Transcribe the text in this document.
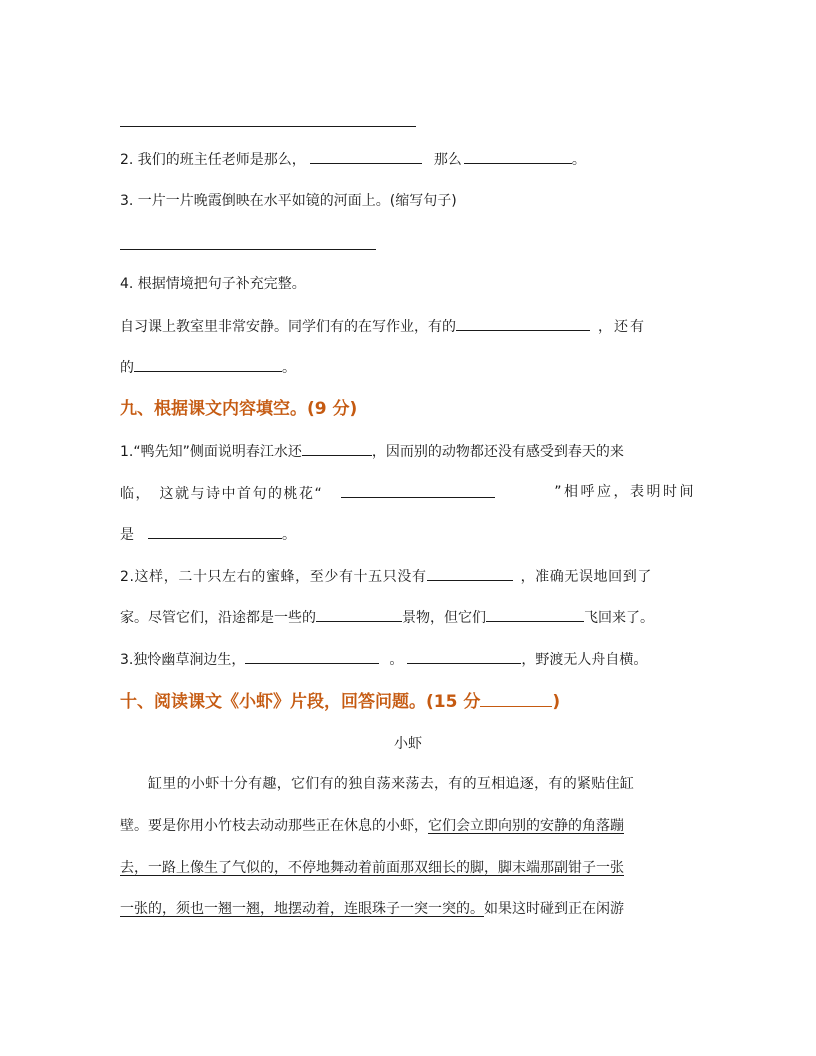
2. 我们的班主任老师是那么，	那么	。
3. 一片一片晚霞倒映在水平如镜的河面上。(缩写句子)
4. 根据情境把句子补充完整。
自习课上教室里非常安静。同学们有的在写作业，有的	，还有
的	。
九、根据课文内容填空。(9 分)
1.“鸭先知”侧面说明春江水还	，因而别的动物都还没有感受到春天的来
临，　这就与诗中首句的桃花“	”相呼应，表明时间
是	。
2.这样，二十只左右的蜜蜂，至少有十五只没有	，准确无误地回到了
家。尽管它们，沿途都是一些的	景物，但它们	飞回来了。
3.独怜幽草涧边生，	。	，野渡无人舟自横。
十、阅读课文《小虾》片段，回答问题。(15 分	)
小虾
缸里的小虾十分有趣，它们有的独自荡来荡去，有的互相追逐，有的紧贴住缸
壁。要是你用小竹枝去动动那些正在休息的小虾，它们会立即向别的安静的角落蹦
去，一路上像生了气似的，不停地舞动着前面那双细长的脚，脚末端那副钳子一张
一张的，须也一翘一翘，地摆动着，连眼珠子一突一突的。如果这时碰到正在闲游
